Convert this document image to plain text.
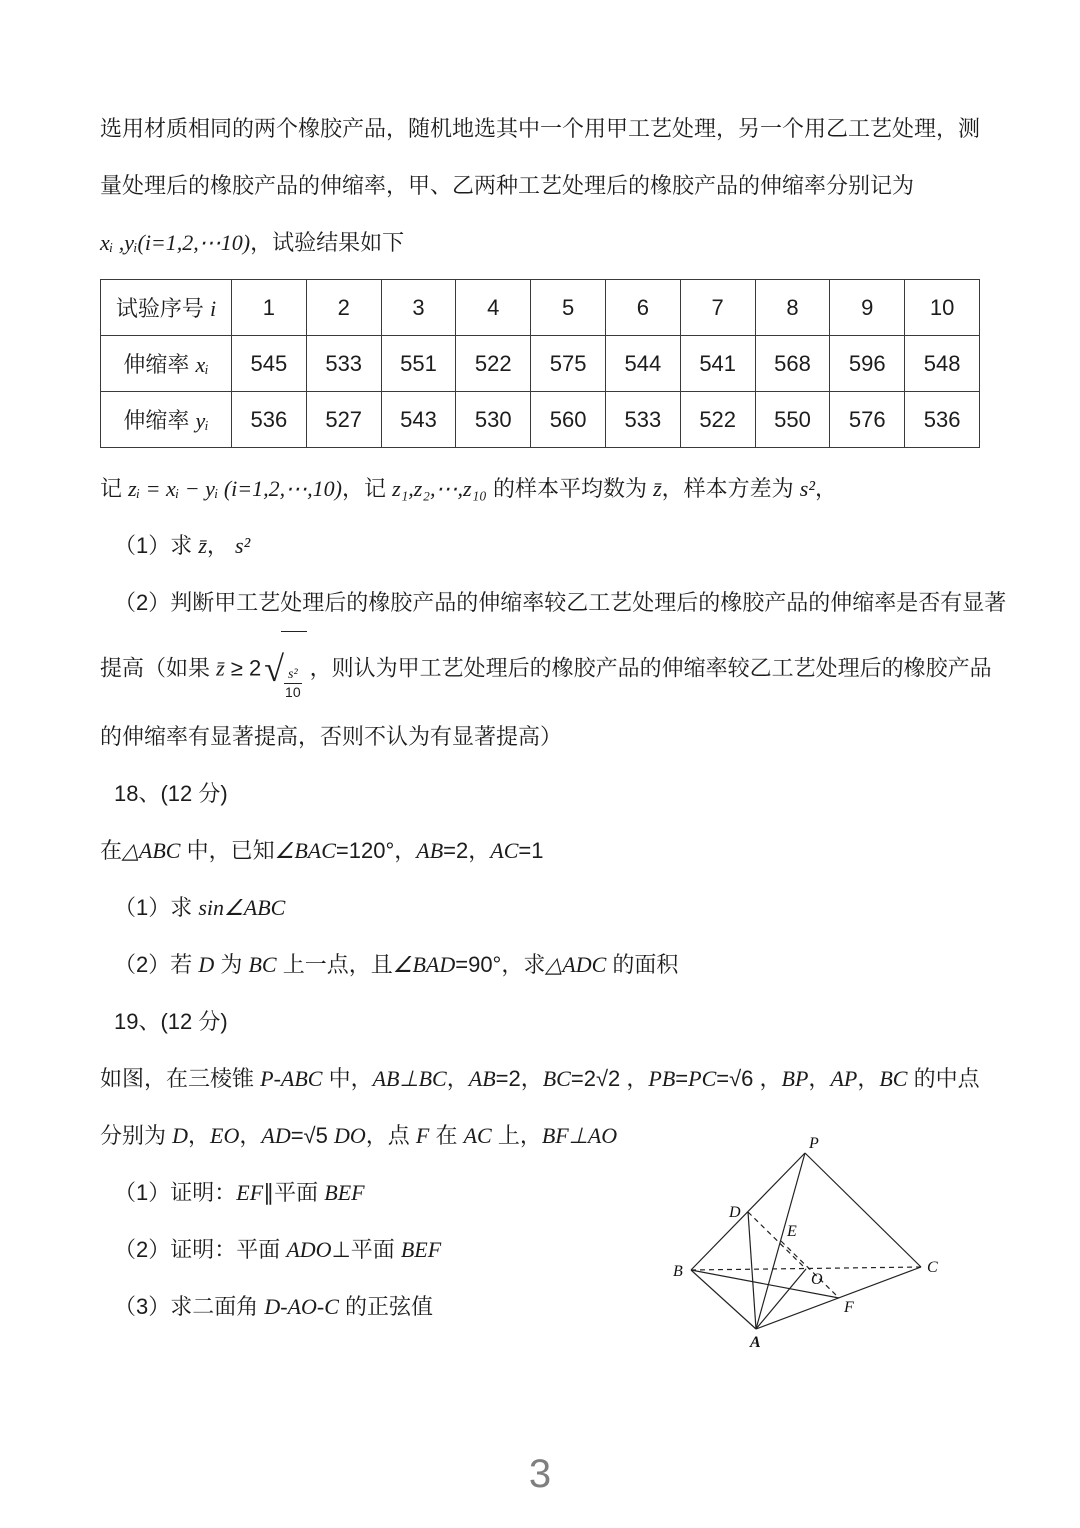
选用材质相同的两个橡胶产品，随机地选其中一个用甲工艺处理，另一个用乙工艺处理，测
量处理后的橡胶产品的伸缩率，甲、乙两种工艺处理后的橡胶产品的伸缩率分别记为
xᵢ ,yᵢ(i=1,2,⋯10)，试验结果如下
试验序号 i	1	2	3	4	5	6	7	8	9	10
伸缩率 xᵢ	545	533	551	522	575	544	541	568	596	548
伸缩率 yᵢ	536	527	543	530	560	533	522	550	576	536
记 zᵢ = xᵢ − yᵢ (i=1,2,⋯,10)，记 z₁,z₂,⋯,z₁₀ 的样本平均数为 z̄，样本方差为 s²，
（1）求 z̄， s²
（2）判断甲工艺处理后的橡胶产品的伸缩率较乙工艺处理后的橡胶产品的伸缩率是否有显著
提高（如果 z̄ ≥ 2 √ $\frac{\text{s²}}{10}$ ，则认为甲工艺处理后的橡胶产品的伸缩率较乙工艺处理后的橡胶产品
的伸缩率有显著提高，否则不认为有显著提高）
18、(12 分)
在△ABC 中，已知∠BAC=120°，AB=2，AC=1
（1）求 sin∠ABC
（2）若 D 为 BC 上一点，且∠BAD=90°，求△ADC 的面积
19、(12 分)
如图，在三棱锥 P-ABC 中，AB⊥BC，AB=2，BC=2√2 ，PB=PC=√6 ，BP，AP，BC 的中点
分别为 D，EO，AD=√5 DO，点 F 在 AC 上，BF⊥AO
（1）证明：EF∥平面 BEF
（2）证明：平面 ADO⊥平面 BEF
（3）求二面角 D-AO-C 的正弦值
P
D
E
B	O
C
F
A
3
